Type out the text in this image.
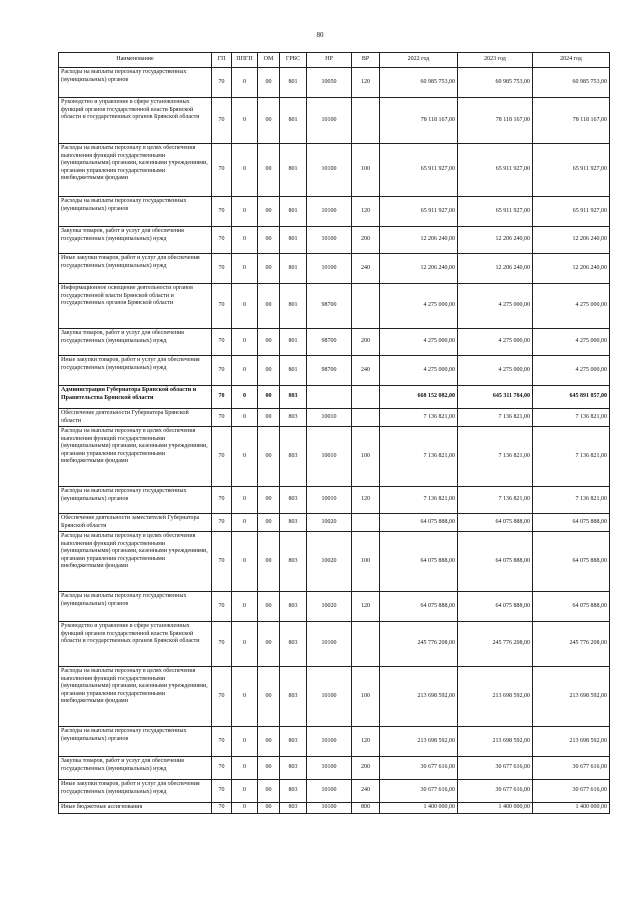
80
Наименование	ГП	ППГП	ОМ	ГРБС	НР	ВР	2022 год	2023 год	2024 год
Расходы на выплаты персоналу государственных (муниципальных) органов	70	0	00	801	10050	120	60 985 753,00	60 985 753,00	60 985 753,00
Руководство и управление в сфере установленных функций органов государственной власти Брянской области и государственных органов Брянской области	70	0	00	801	10100		78 118 167,00	78 118 167,00	78 118 167,00
Расходы на выплаты персоналу в целях обеспечения выполнения функций государственными (муниципальными) органами, казенными учреждениями, органами управления государственными внебюджетными фондами	70	0	00	801	10100	100	65 911 927,00	65 911 927,00	65 911 927,00
Расходы на выплаты персоналу государственных (муниципальных) органов	70	0	00	801	10100	120	65 911 927,00	65 911 927,00	65 911 927,00
Закупка товаров, работ и услуг для обеспечения государственных (муниципальных) нужд	70	0	00	801	10100	200	12 206 240,00	12 206 240,00	12 206 240,00
Иные закупки товаров, работ и услуг для обеспечения государственных (муниципальных) нужд	70	0	00	801	10100	240	12 206 240,00	12 206 240,00	12 206 240,00
Информационное освещение деятельности органов государственной власти Брянской области и государственных органов Брянской области	70	0	00	801	98700		4 275 000,00	4 275 000,00	4 275 000,00
Закупка товаров, работ и услуг для обеспечения государственных (муниципальных) нужд	70	0	00	801	98700	200	4 275 000,00	4 275 000,00	4 275 000,00
Иные закупки товаров, работ и услуг для обеспечения государственных (муниципальных) нужд	70	0	00	801	98700	240	4 275 000,00	4 275 000,00	4 275 000,00
Администрация Губернатора Брянской области и Правительства Брянской области	70	0	00	803			668 152 082,00	645 311 784,00	645 891 857,00
Обеспечение деятельности Губернатора Брянской области	70	0	00	803	10010		7 136 821,00	7 136 821,00	7 136 821,00
Расходы на выплаты персоналу в целях обеспечения выполнения функций государственными (муниципальными) органами, казенными учреждениями, органами управления государственными внебюджетными фондами	70	0	00	803	10010	100	7 136 821,00	7 136 821,00	7 136 821,00
Расходы на выплаты персоналу государственных (муниципальных) органов	70	0	00	803	10010	120	7 136 821,00	7 136 821,00	7 136 821,00
Обеспечение деятельности заместителей Губернатора Брянской области	70	0	00	803	10020		64 075 888,00	64 075 888,00	64 075 888,00
Расходы на выплаты персоналу в целях обеспечения выполнения функций государственными (муниципальными) органами, казенными учреждениями, органами управления государственными внебюджетными фондами	70	0	00	803	10020	100	64 075 888,00	64 075 888,00	64 075 888,00
Расходы на выплаты персоналу государственных (муниципальных) органов	70	0	00	803	10020	120	64 075 888,00	64 075 888,00	64 075 888,00
Руководство и управление в сфере установленных функций органов государственной власти Брянской области и государственных органов Брянской области	70	0	00	803	10100		245 776 208,00	245 776 208,00	245 776 208,00
Расходы на выплаты персоналу в целях обеспечения выполнения функций государственными (муниципальными) органами, казенными учреждениями, органами управления государственными внебюджетными фондами	70	0	00	803	10100	100	213 698 592,00	213 698 592,00	213 698 592,00
Расходы на выплаты персоналу государственных (муниципальных) органов	70	0	00	803	10100	120	213 698 592,00	213 698 592,00	213 698 592,00
Закупка товаров, работ и услуг для обеспечения государственных (муниципальных) нужд	70	0	00	803	10100	200	30 677 616,00	30 677 616,00	30 677 616,00
Иные закупки товаров, работ и услуг для обеспечения государственных (муниципальных) нужд	70	0	00	803	10100	240	30 677 616,00	30 677 616,00	30 677 616,00
Иные бюджетные ассигнования	70	0	00	803	10100	800	1 400 000,00	1 400 000,00	1 400 000,00
